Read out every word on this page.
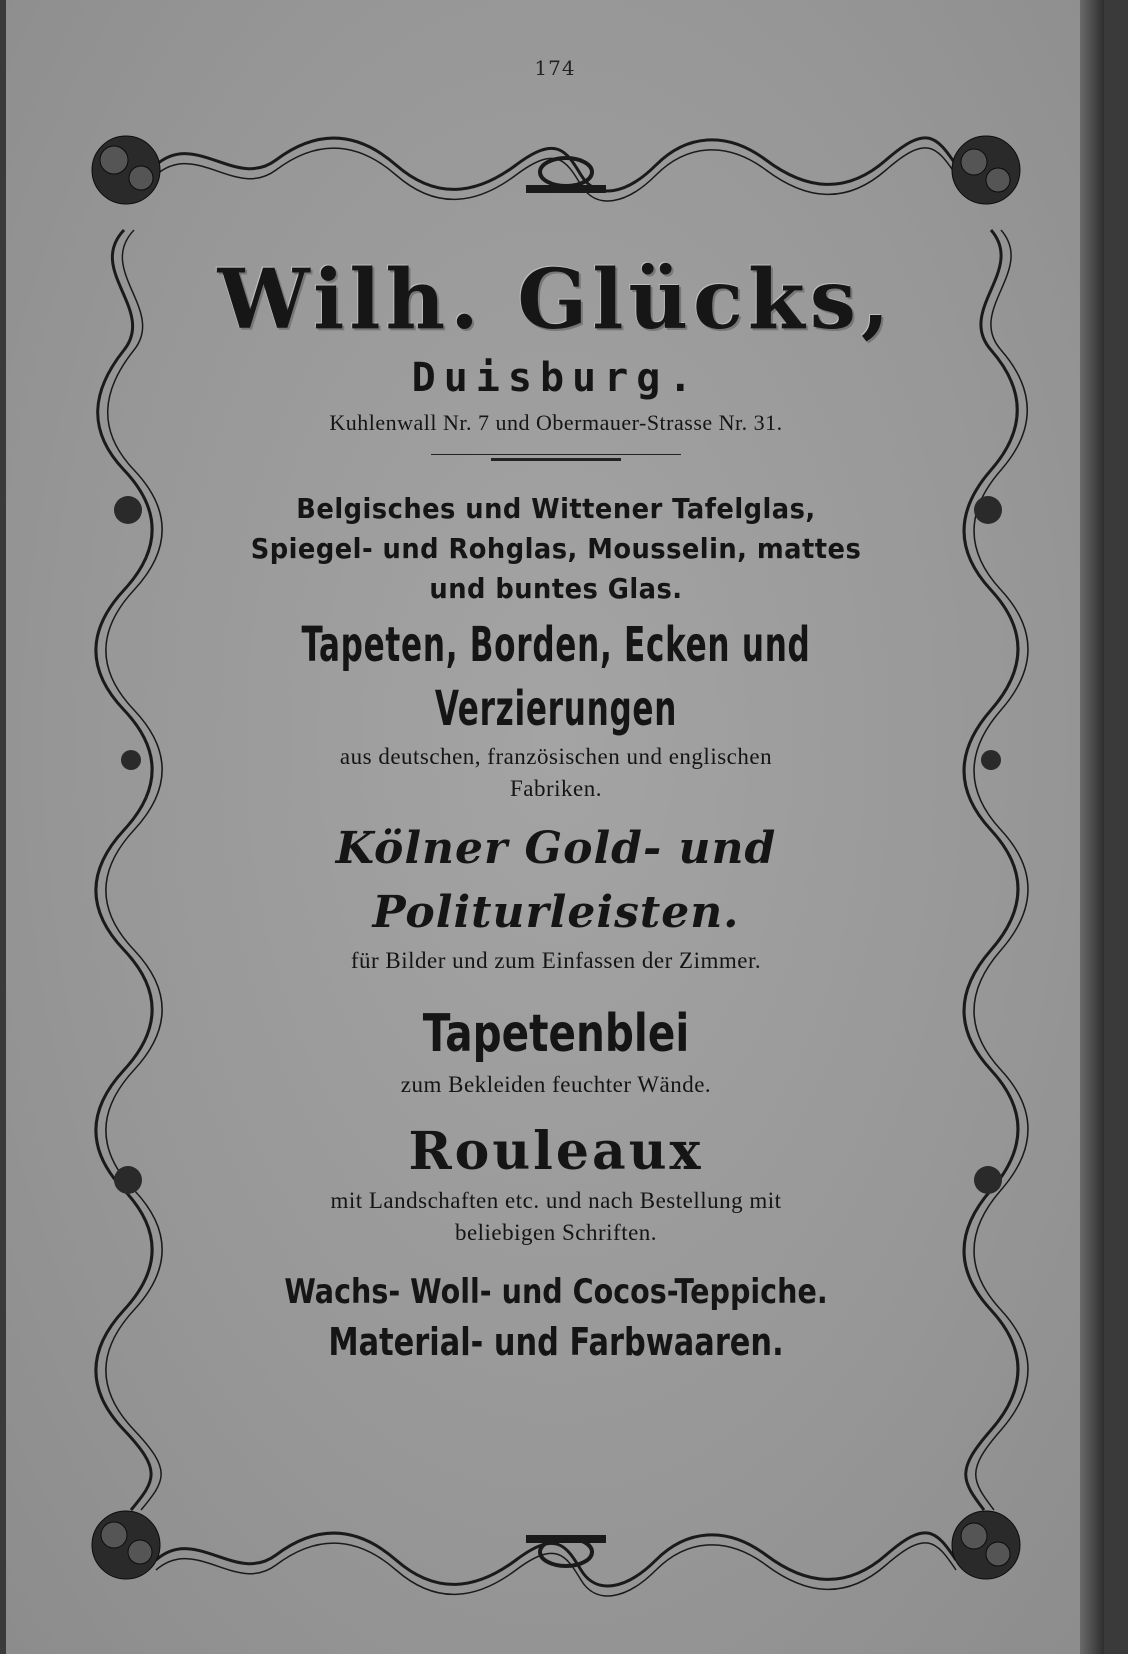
174
Wilh. Glücks,
Duisburg.
Kuhlenwall Nr. 7 und Obermauer-Strasse Nr. 31.
Belgisches und Wittener Tafelglas,
Spiegel- und Rohglas, Mousselin, mattes
und buntes Glas.
Tapeten, Borden, Ecken und Verzierungen
aus deutschen, französischen und englischen
Fabriken.
Kölner Gold- und Politurleisten.
für Bilder und zum Einfassen der Zimmer.
Tapetenblei
zum Bekleiden feuchter Wände.
Rouleaux
mit Landschaften etc. und nach Bestellung mit
beliebigen Schriften.
Wachs- Woll- und Cocos-Teppiche.
Material- und Farbwaaren.
